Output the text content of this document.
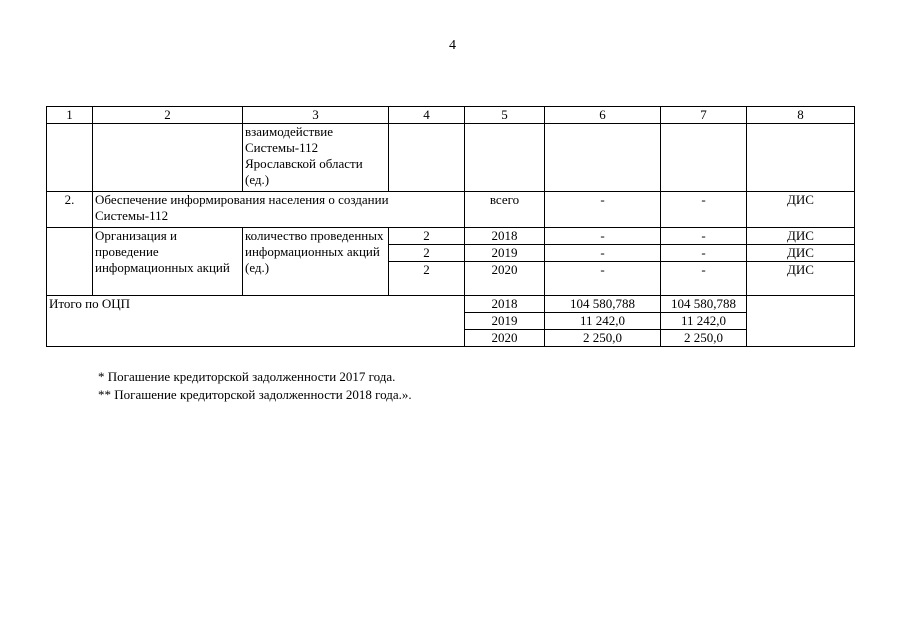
4
1	2	3	4	5	6	7	8
		взаимодействие Системы-112 Ярославской области (ед.)					
2.	Обеспечение информирования населения о создании Системы-112			всего	-	-	ДИС
	Организация и проведение информационных акций	количество проведенных информационных акций (ед.)	2	2018	-	-	ДИС
			2	2019	-	-	ДИС
			2	2020	-	-	ДИС
Итого по ОЦП				2018	104 580,788	104 580,788	
				2019	11 242,0	11 242,0	
				2020	2 250,0	2 250,0	
* Погашение кредиторской задолженности 2017 года.
** Погашение кредиторской задолженности 2018 года.».
